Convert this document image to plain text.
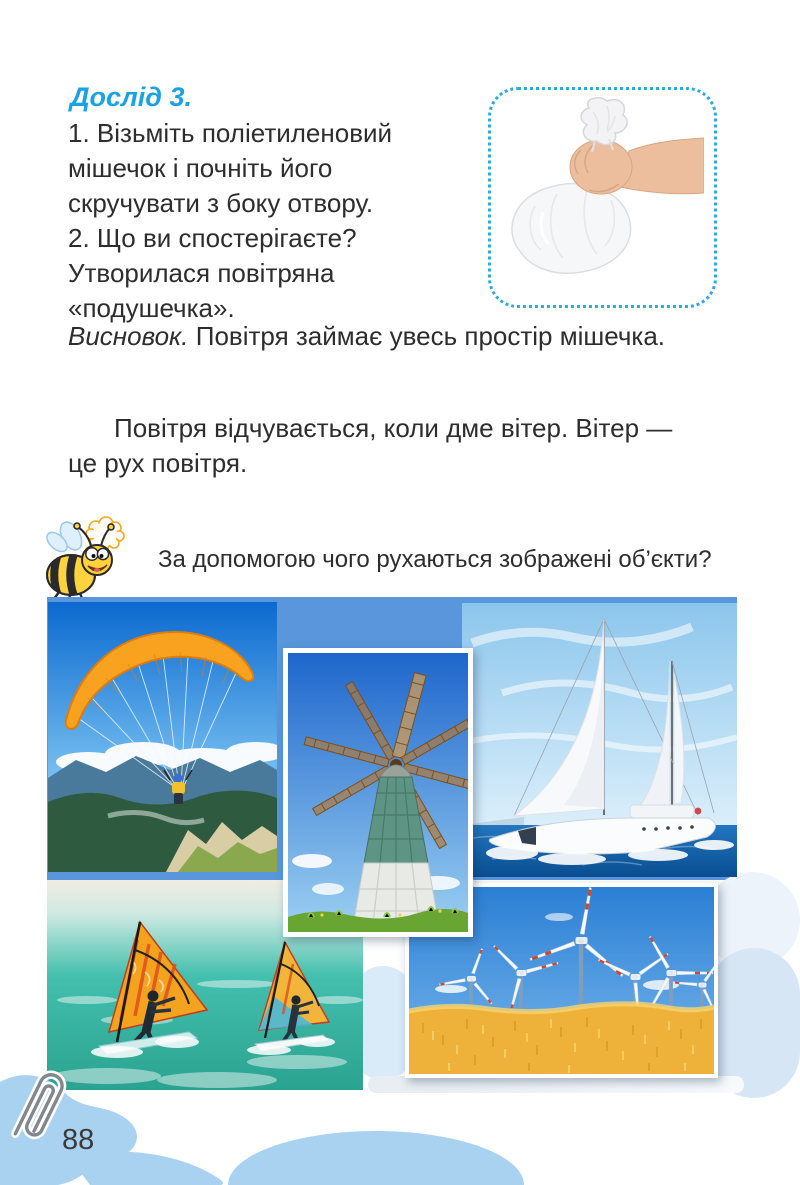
Дослід 3.
1. Візьміть поліетиленовий
мішечок і почніть його
скручувати з боку отвору.
2. Що ви спостерігаєте?
Утворилася повітряна
«подушечка».
Висновок. Повітря займає увесь простір мішечка.
Повітря відчувається, коли дме вітер. Вітер —
це рух повітря.
За допомогою чого рухаються зображені об’єкти?
88
